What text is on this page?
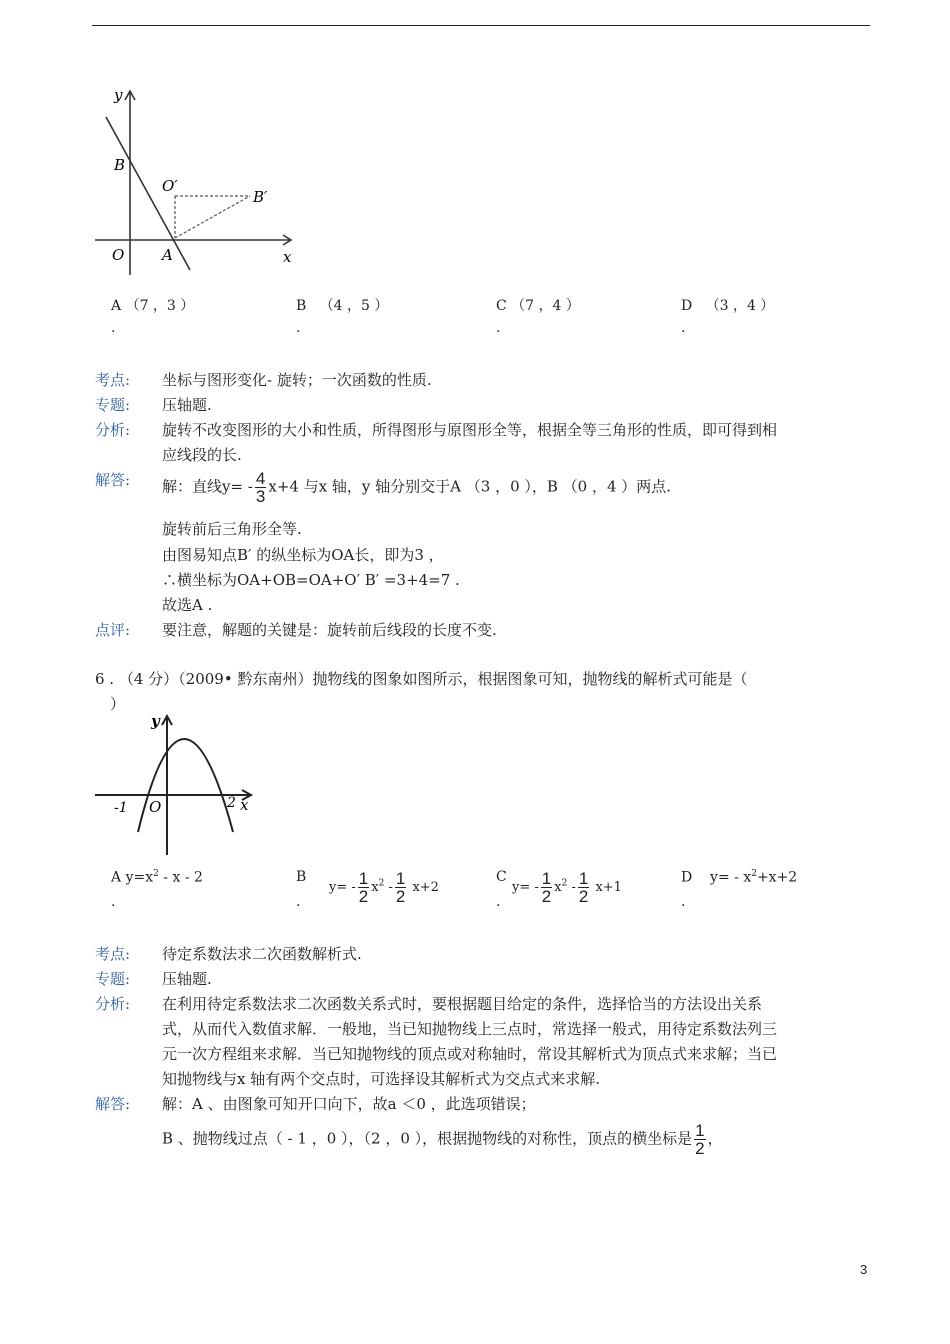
y
B
O′
B′
O	A	x
A （7 ，3 ）
.
B （4 ，5 ）
.
C （7 ，4 ）
.
D （3 ，4 ）
.
考点: 坐标与图形变化- 旋转；一次函数的性质.
专题: 压轴题.
分析: 旋转不改变图形的大小和性质，所得图形与原图形全等，根据全等三角形的性质，即可得到相
应线段的长.
解答: 解：直线$y= - \frac{4}{3} x+4$ 与x 轴，y 轴分别交于A （3 ，0 ），B （0 ，4 ）两点.
旋转前后三角形全等.
由图易知点B′ 的纵坐标为OA长，即为3 ，
∴横坐标为OA+OB=OA+O′ B′ =3+4=7 .
故选A .
点评: 要注意，解题的关键是：旋转前后线段的长度不变.
6 . （4 分）（2009• 黔东南州）抛物线的图象如图所示，根据图象可知，抛物线的解析式可能是（
）
y
-1 O	2 x
A $y=x^2 - x - 2$
.
B
$y= - \frac{1}{2} x^2 - \frac{1}{2} x+2$
.
C
$y= - \frac{1}{2} x^2 - \frac{1}{2} x+1$
.
D $y= - x^2+x+2$
.
考点: 待定系数法求二次函数解析式.
专题: 压轴题.
分析: 在利用待定系数法求二次函数关系式时，要根据题目给定的条件，选择恰当的方法设出关系
式，从而代入数值求解．一般地，当已知抛物线上三点时，常选择一般式，用待定系数法列三
元一次方程组来求解．当已知抛物线的顶点或对称轴时，常设其解析式为顶点式来求解；当已
知抛物线与x 轴有两个交点时，可选择设其解析式为交点式来求解.
解答: 解：A 、由图象可知开口向下，故a ＜0 ，此选项错误；
B 、抛物线过点（ - 1 ，0 ），（2 ，0 ），根据抛物线的对称性，顶点的横坐标是 $\frac{1}{2}$ ，
3
